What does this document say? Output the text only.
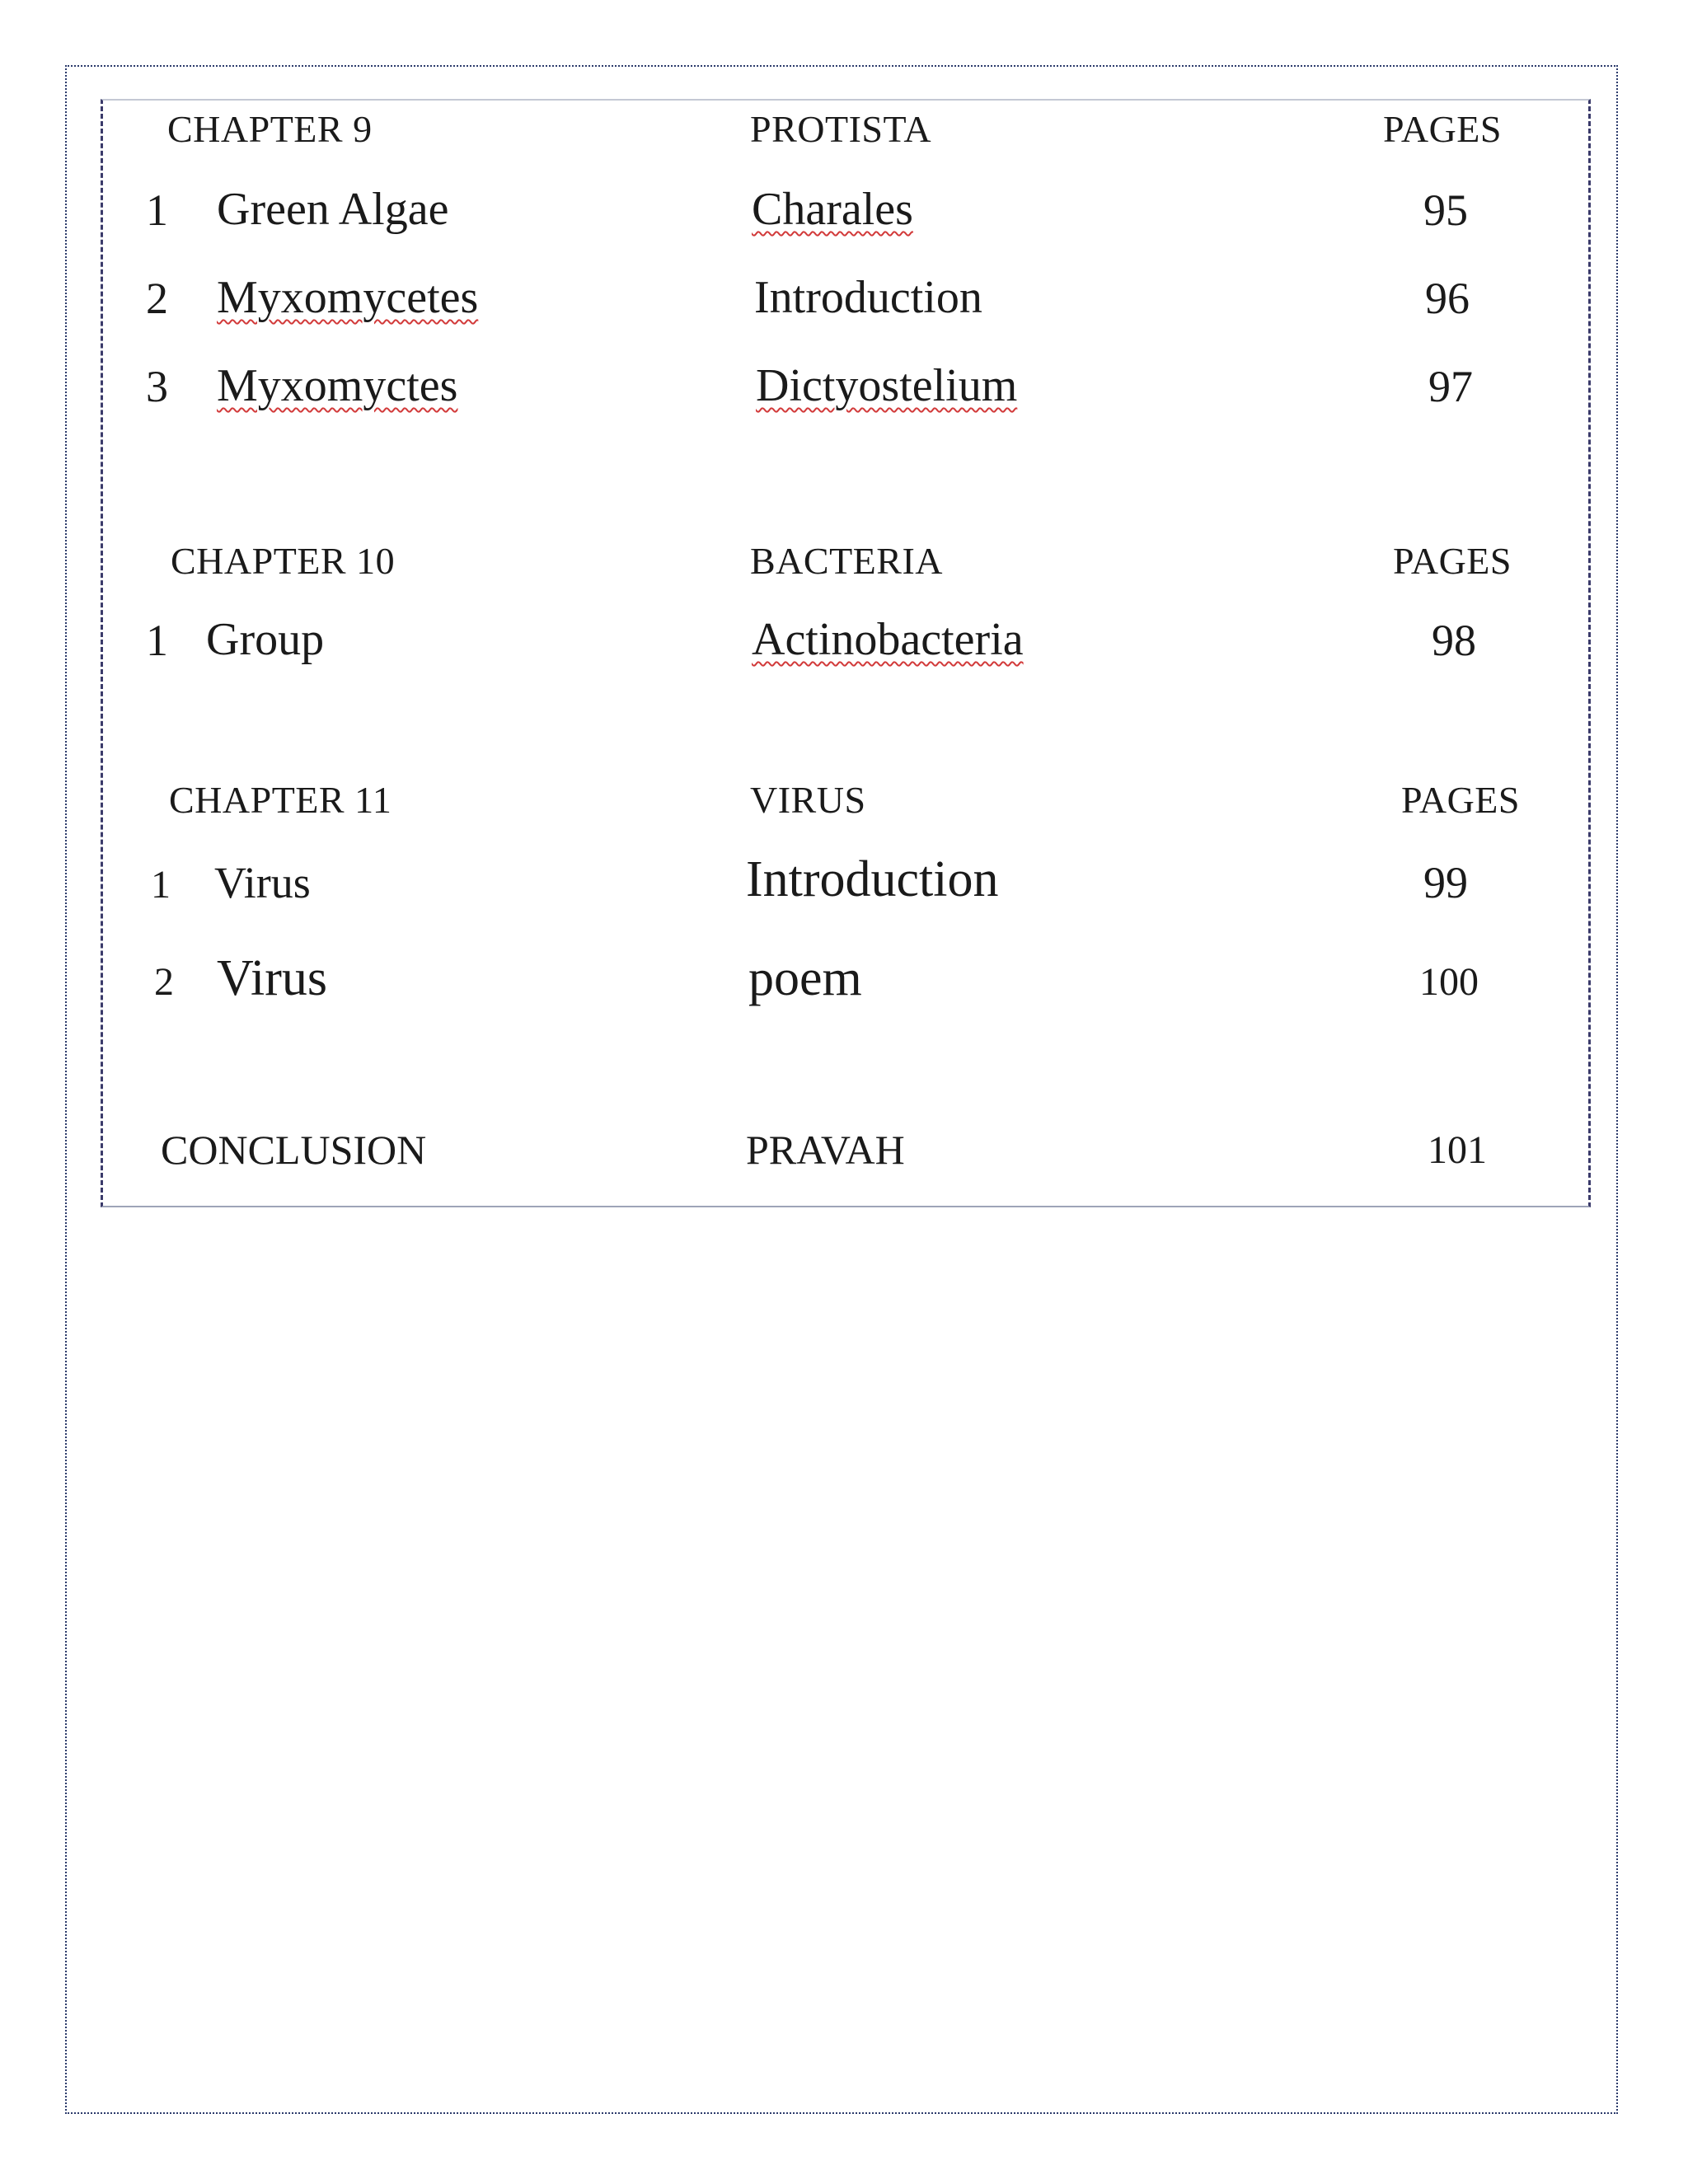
CHAPTER 9	PROTISTA	PAGES
1 Green Algae	Charales	95
2 Myxomycetes	Introduction	96
3 Myxomyctes	Dictyostelium	97
CHAPTER 10	BACTERIA	PAGES
1 Group	Actinobacteria	98
CHAPTER 11	VIRUS	PAGES
1 Virus	Introduction	99
2 Virus	poem	100
CONCLUSION	PRAVAH	101
